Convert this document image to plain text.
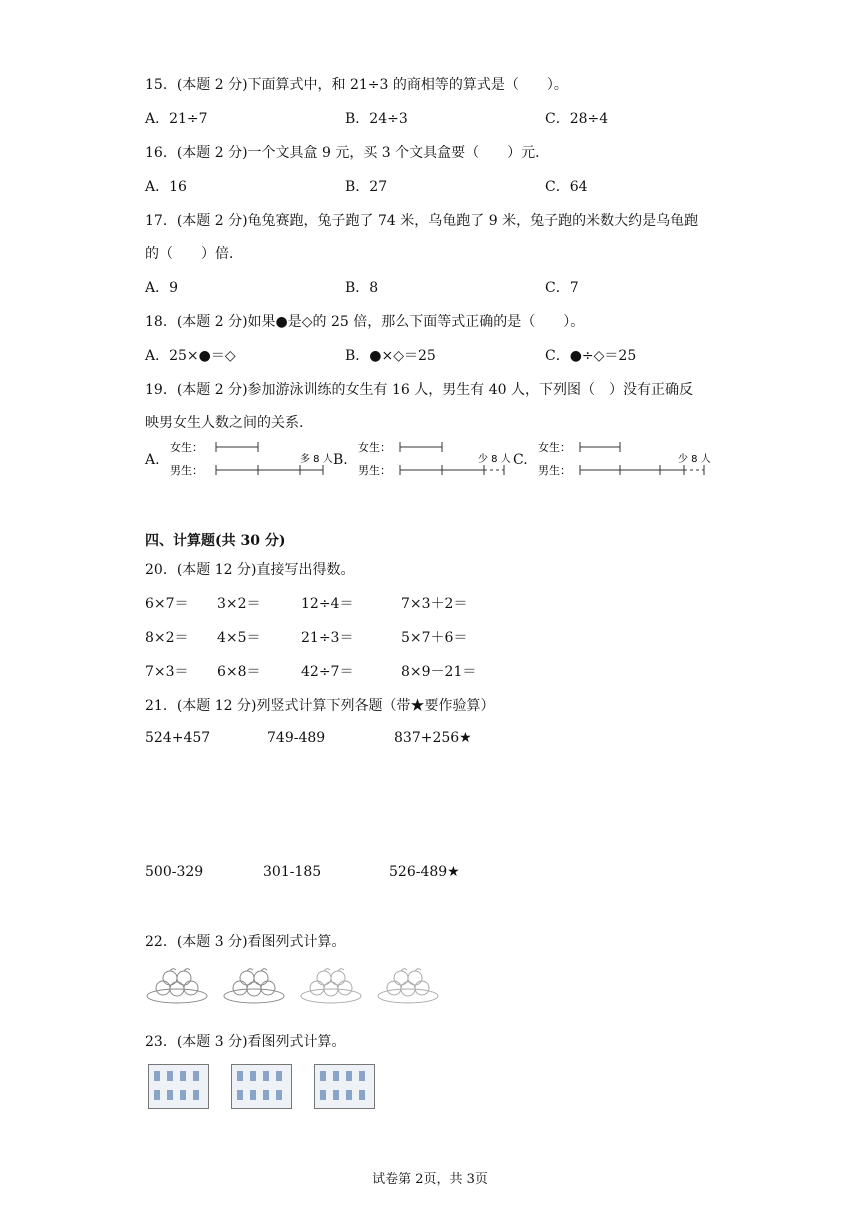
15．(本题 2 分)下面算式中，和 21÷3 的商相等的算式是（　　）。
A．21÷7	B．24÷3	C．28÷4
16．(本题 2 分)一个文具盒 9 元，买 3 个文具盒要（　　）元．
A．16	B．27	C．64
17．(本题 2 分)龟兔赛跑，兔子跑了 74 米，乌龟跑了 9 米，兔子跑的米数大约是乌龟跑
的（　　）倍．
A．9	B．8	C．7
18．(本题 2 分)如果●是◇的 25 倍，那么下面等式正确的是（　　）。
A．25×●＝◇	B．●×◇＝25	C．●÷◇＝25
19．(本题 2 分)参加游泳训练的女生有 16 人，男生有 40 人，下列图（　）没有正确反
映男女生人数之间的关系.
A.
女生：
男生：
多 8 人 B.
女生：
男生：
少 8 人 C.
女生：
男生：
少 8 人
四、计算题(共 30 分)
20．(本题 12 分)直接写出得数。
6×7＝ 3×2＝	12÷4＝	7×3＋2＝
8×2＝ 4×5＝	21÷3＝	5×7＋6＝
7×3＝ 6×8＝	42÷7＝	8×9－21＝
21．(本题 12 分)列竖式计算下列各题（带★要作验算）
524+457	749-489	837+256★
500-329	301-185	526-489★
22．(本题 3 分)看图列式计算。
23．(本题 3 分)看图列式计算。
试卷第 2页，共 3页
